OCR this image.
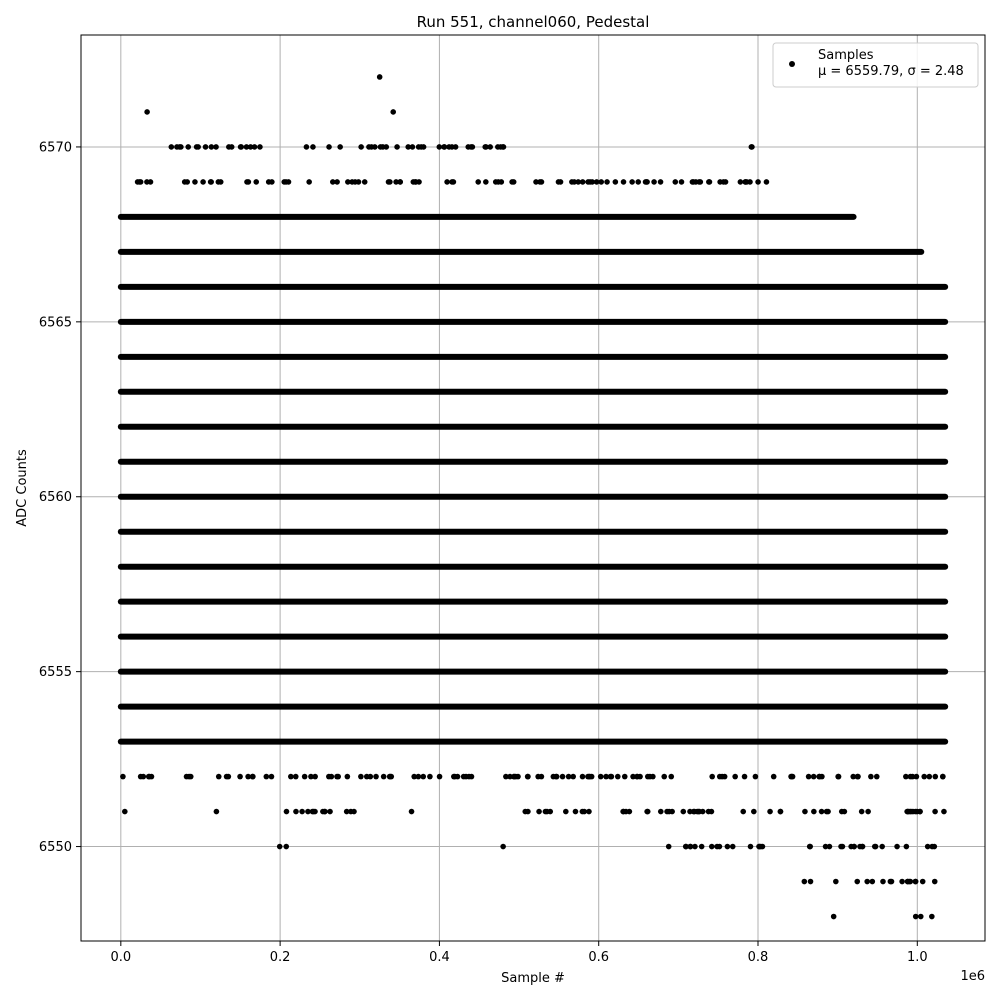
0.0	0.2	0.4	0.6	0.8	1.0
6550
6555
6560
6565
6570
Run 551, channel060, Pedestal
Sample #
ADC Counts
1e6
Samples
μ = 6559.79, σ = 2.48
